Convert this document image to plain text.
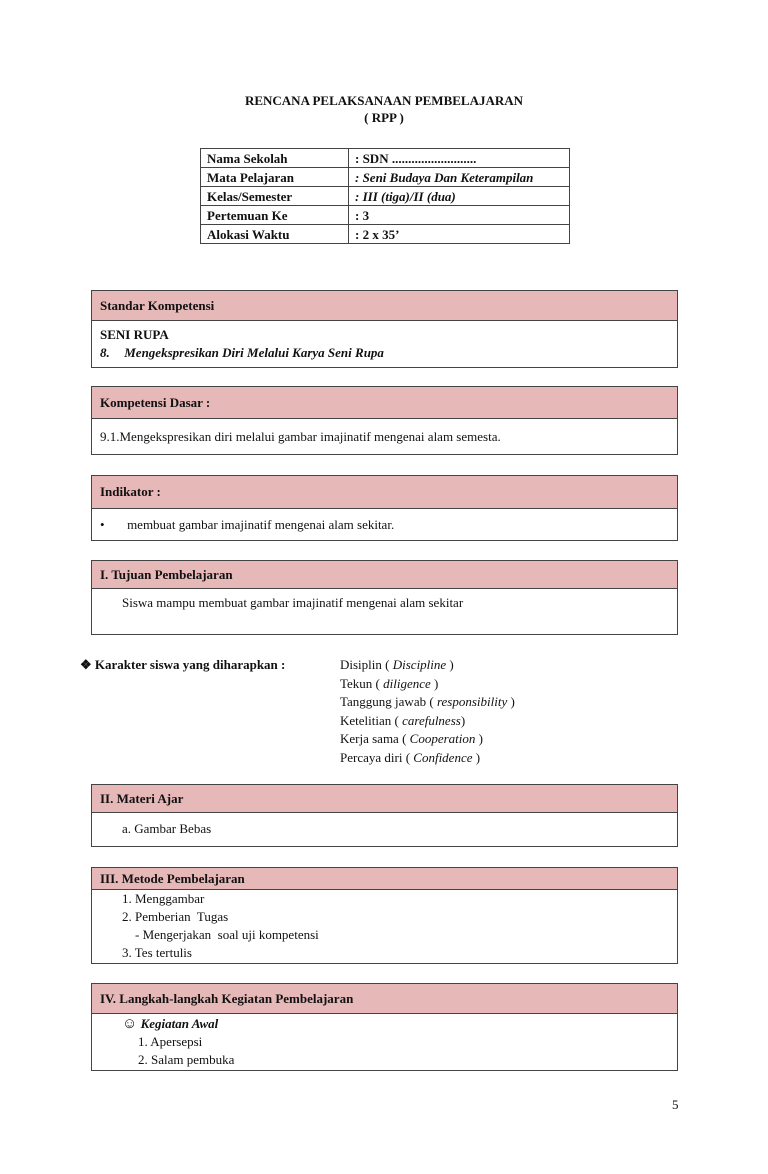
RENCANA PELAKSANAAN PEMBELAJARAN
( RPP )
Nama Sekolah	: SDN ..........................
Mata Pelajaran	: Seni Budaya Dan Keterampilan
Kelas/Semester	: III (tiga)/II (dua)
Pertemuan Ke	: 3
Alokasi Waktu	: 2 x 35’
Standar Kompetensi
SENI RUPA
8. Mengekspresikan Diri Melalui Karya Seni Rupa
Kompetensi Dasar :
9.1.Mengekspresikan diri melalui gambar imajinatif mengenai alam semesta.
Indikator :
• membuat gambar imajinatif mengenai alam sekitar.
I. Tujuan Pembelajaran
Siswa mampu membuat gambar imajinatif mengenai alam sekitar
❖ Karakter siswa yang diharapkan :	Disiplin ( Discipline )
Tekun ( diligence )
Tanggung jawab ( responsibility )
Ketelitian ( carefulness)
Kerja sama ( Cooperation )
Percaya diri ( Confidence )
II. Materi Ajar
a. Gambar Bebas
III. Metode Pembelajaran
1. Menggambar
2. Pemberian  Tugas
- Mengerjakan  soal uji kompetensi
3. Tes tertulis
IV. Langkah-langkah Kegiatan Pembelajaran
☺ Kegiatan Awal
1. Apersepsi
2. Salam pembuka
5
